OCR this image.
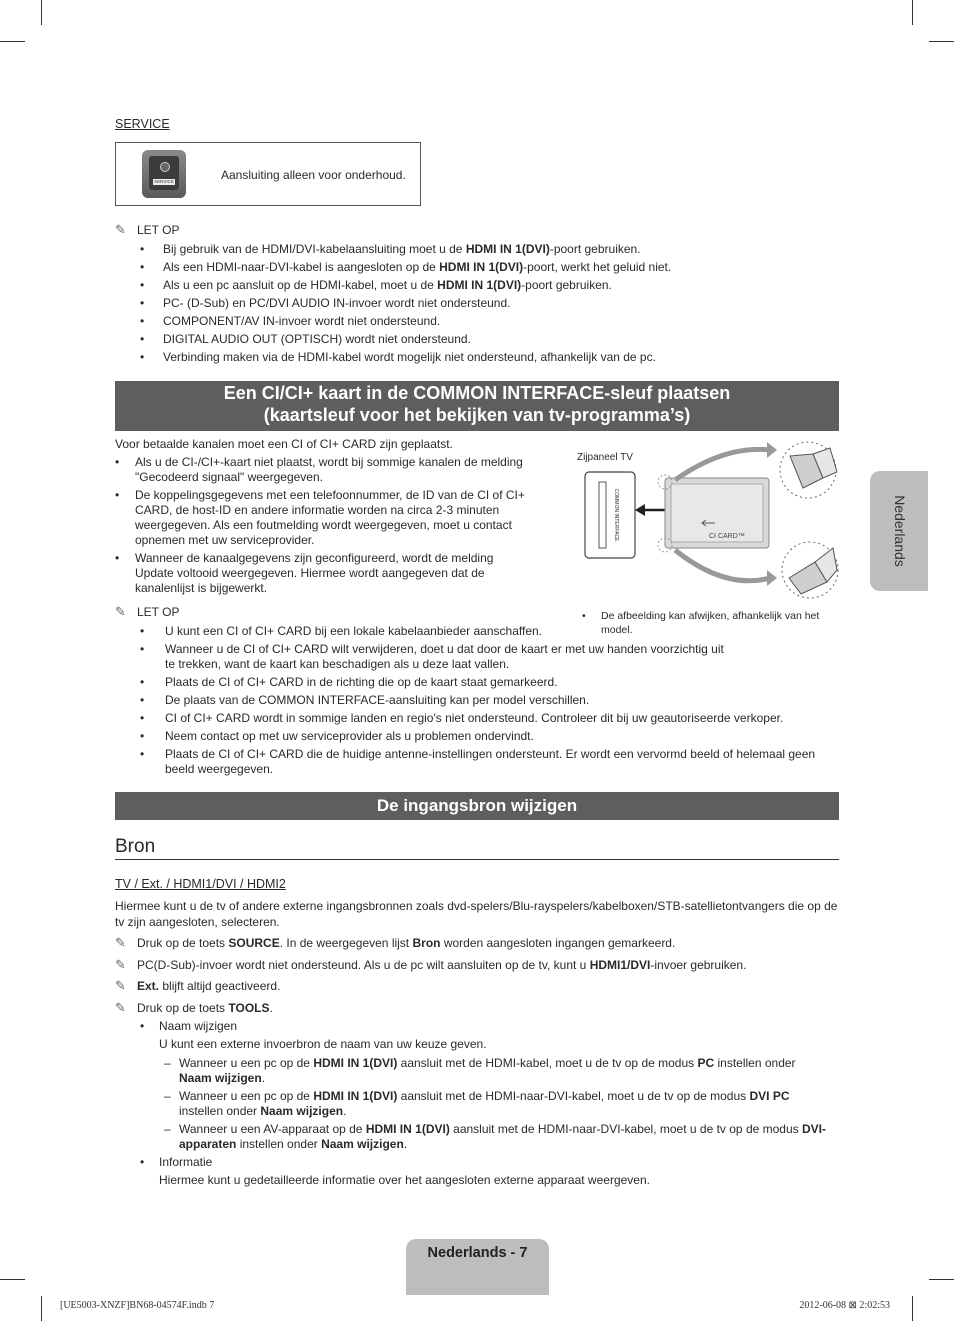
SERVICE
SERVICE	Aansluiting alleen voor onderhoud.
✎ LET OP
• Bij gebruik van de HDMI/DVI-kabelaansluiting moet u de HDMI IN 1(DVI)-poort gebruiken.
• Als een HDMI-naar-DVI-kabel is aangesloten op de HDMI IN 1(DVI)-poort, werkt het geluid niet.
• Als u een pc aansluit op de HDMI-kabel, moet u de HDMI IN 1(DVI)-poort gebruiken.
• PC- (D-Sub) en PC/DVI AUDIO IN-invoer wordt niet ondersteund.
• COMPONENT/AV IN-invoer wordt niet ondersteund.
• DIGITAL AUDIO OUT (OPTISCH) wordt niet ondersteund.
• Verbinding maken via de HDMI-kabel wordt mogelijk niet ondersteund, afhankelijk van de pc.
Een CI/CI+ kaart in de COMMON INTERFACE-sleuf plaatsen
(kaartsleuf voor het bekijken van tv-programma’s)
Voor betaalde kanalen moet een CI of CI+ CARD zijn geplaatst.
• Als u de CI-/CI+-kaart niet plaatst, wordt bij sommige kanalen de melding "Gecodeerd signaal" weergegeven.
• De koppelingsgegevens met een telefoonnummer, de ID van de CI of CI+ CARD, de host-ID en andere informatie worden na circa 2-3 minuten weergegeven. Als een foutmelding wordt weergegeven, moet u contact opnemen met uw serviceprovider.
• Wanneer de kanaalgegevens zijn geconfigureerd, wordt de melding Update voltooid weergegeven. Hiermee wordt aangegeven dat de kanalenlijst is bijgewerkt.
Zijpaneel TV
COMMON INTERFACE	CI CARD™
• De afbeelding kan afwijken, afhankelijk van het model.
✎ LET OP
• U kunt een CI of CI+ CARD bij een lokale kabelaanbieder aanschaffen.
• Wanneer u de CI of CI+ CARD wilt verwijderen, doet u dat door de kaart er met uw handen voorzichtig uit te trekken, want de kaart kan beschadigen als u deze laat vallen.
• Plaats de CI of CI+ CARD in de richting die op de kaart staat gemarkeerd.
• De plaats van de COMMON INTERFACE-aansluiting kan per model verschillen.
• CI of CI+ CARD wordt in sommige landen en regio's niet ondersteund. Controleer dit bij uw geautoriseerde verkoper.
• Neem contact op met uw serviceprovider als u problemen ondervindt.
• Plaats de CI of CI+ CARD die de huidige antenne-instellingen ondersteunt. Er wordt een vervormd beeld of helemaal geen beeld weergegeven.
Nederlands
De ingangsbron wijzigen
Bron
TV / Ext. / HDMI1/DVI / HDMI2
Hiermee kunt u de tv of andere externe ingangsbronnen zoals dvd-spelers/Blu-rayspelers/kabelboxen/STB-satellietontvangers die op de tv zijn aangesloten, selecteren.
✎ Druk op de toets SOURCE. In de weergegeven lijst Bron worden aangesloten ingangen gemarkeerd.
✎ PC(D-Sub)-invoer wordt niet ondersteund. Als u de pc wilt aansluiten op de tv, kunt u HDMI1/DVI-invoer gebruiken.
✎ Ext. blijft altijd geactiveerd.
✎ Druk op de toets TOOLS.
• Naam wijzigen
U kunt een externe invoerbron de naam van uw keuze geven.
– Wanneer u een pc op de HDMI IN 1(DVI) aansluit met de HDMI-kabel, moet u de tv op de modus PC instellen onder
Naam wijzigen.
– Wanneer u een pc op de HDMI IN 1(DVI) aansluit met de HDMI-naar-DVI-kabel, moet u de tv op de modus DVI PC
instellen onder Naam wijzigen.
– Wanneer u een AV-apparaat op de HDMI IN 1(DVI) aansluit met de HDMI-naar-DVI-kabel, moet u de tv op de modus DVI-apparaten instellen onder Naam wijzigen.
• Informatie
Hiermee kunt u gedetailleerde informatie over het aangesloten externe apparaat weergeven.
Nederlands - 7
[UE5003-XNZF]BN68-04574F.indb 7	2012-06-08 ⊠ 2:02:53
